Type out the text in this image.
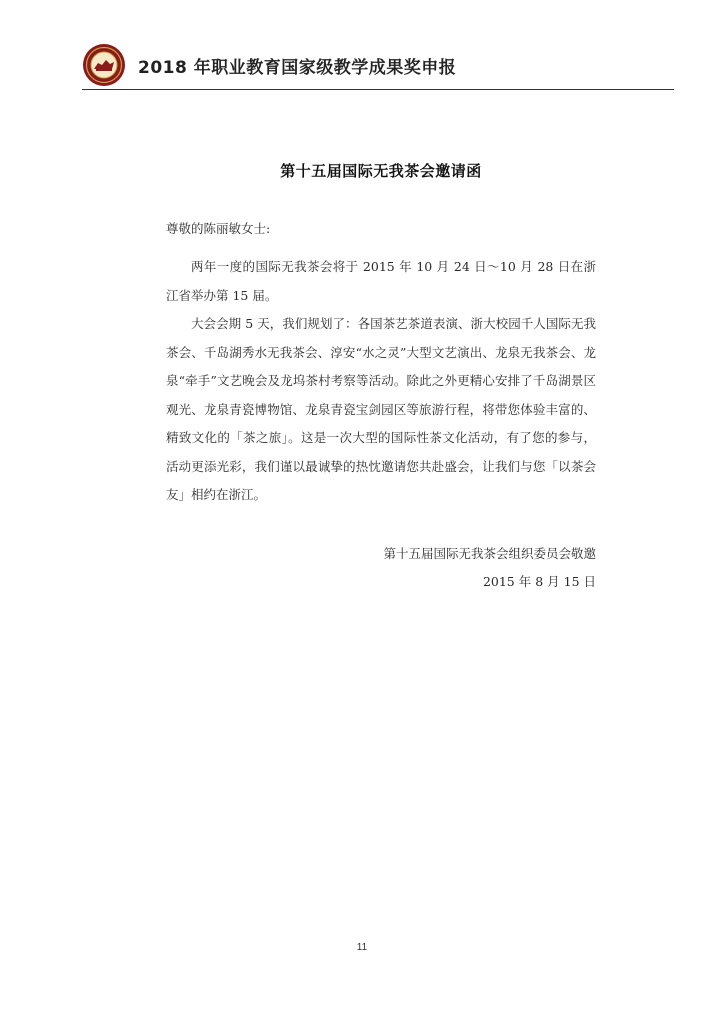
2018 年职业教育国家级教学成果奖申报
第十五届国际无我茶会邀请函
尊敬的陈丽敏女士:

两年一度的国际无我茶会将于 2015 年 10 月 24 日～10 月 28 日在浙江省举办第 15 届。

大会会期 5 天，我们规划了：各国茶艺茶道表演、浙大校园千人国际无我茶会、千岛湖秀水无我茶会、淳安“水之灵”大型文艺演出、龙泉无我茶会、龙泉“牵手”文艺晚会及龙坞茶村考察等活动。除此之外更精心安排了千岛湖景区观光、龙泉青瓷博物馆、龙泉青瓷宝剑园区等旅游行程，将带您体验丰富的、精致文化的「茶之旅」。这是一次大型的国际性茶文化活动，有了您的参与，活动更添光彩，我们谨以最诚挚的热忱邀请您共赴盛会，让我们与您「以茶会友」相约在浙江。

第十五届国际无我茶会组织委员会敬邀
2015 年 8 月 15 日
11
